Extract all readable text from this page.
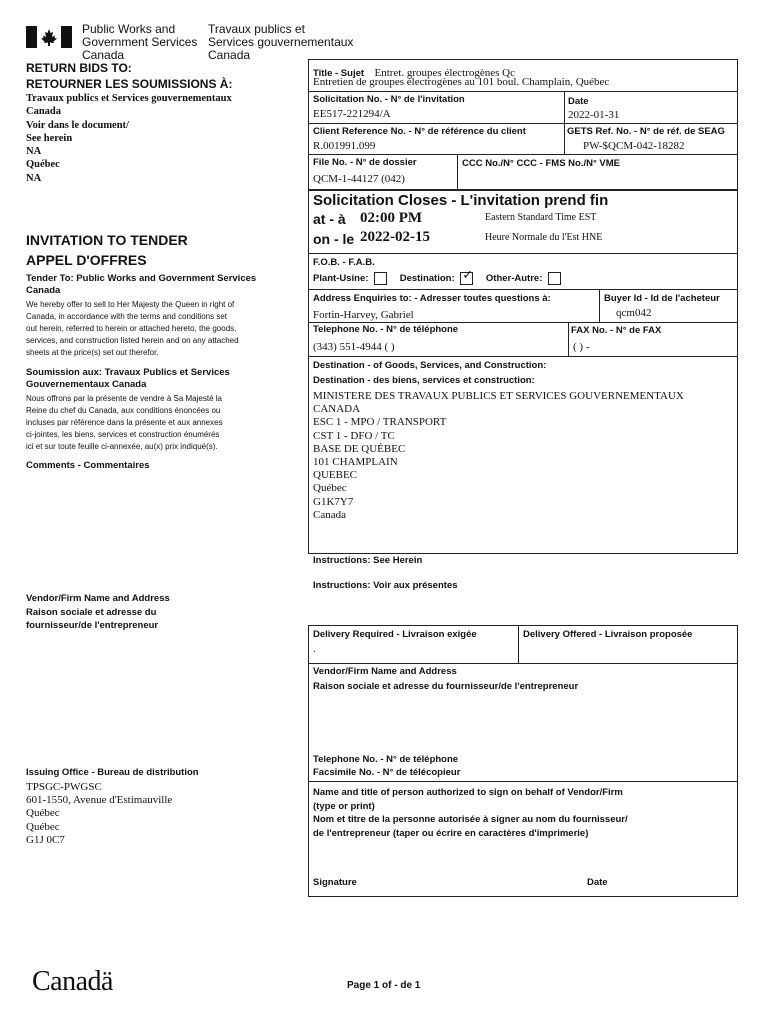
Public Works and
Government Services
Canada
Travaux publics et
Services gouvernementaux
Canada
RETURN BIDS TO:
RETOURNER LES SOUMISSIONS À:
Travaux publics et Services gouvernementaux
Canada
Voir dans le document/
See herein
NA
Québec
NA
INVITATION TO TENDER
APPEL D'OFFRES
Tender To: Public Works and Government Services
Canada
We hereby offer to sell to Her Majesty the Queen in right of
Canada, in accordance with the terms and conditions set
out herein, referred to herein or attached hereto, the goods,
services, and construction listed herein and on any attached
sheets at the price(s) set out therefor.
Soumission aux: Travaux Publics et Services
Gouvernementaux Canada
Nous offrons par la présente de vendre à Sa Majesté la
Reine du chef du Canada, aux conditions énoncées ou
incluses par référence dans la présente et aux annexes
ci-jointes, les biens, services et construction énumérés
ici et sur toute feuille ci-annexée, au(x) prix indiqué(s).
Comments - Commentaires
Vendor/Firm Name and Address
Raison sociale et adresse du
fournisseur/de l'entrepreneur
Issuing Office - Bureau de distribution
TPSGC-PWGSC
601-1550, Avenue d'Estimauville
Québec
Québec
G1J 0C7
Title - Sujet Entret. groupes électrogènes Qc
Entretien de groupes électrogènes au 101 boul. Champlain, Québec
Solicitation No. - N° de l'invitation
EE517-221294/A
Date
2022-01-31
Client Reference No. - N° de référence du client
R.001991.099
GETS Ref. No. - N° de réf. de SEAG
PW-$QCM-042-18282
File No. - N° de dossier
QCM-1-44127 (042)
CCC No./N° CCC - FMS No./N° VME
Solicitation Closes - L'invitation prend fin
at - à 02:00 PM	Eastern Standard Time EST
on - le 2022-02-15	Heure Normale du l'Est HNE
F.O.B. - F.A.B.
Plant-Usine:	Destination: ✓	Other-Autre:
Address Enquiries to: - Adresser toutes questions à:
Fortin-Harvey, Gabriel
Buyer Id - Id de l'acheteur
qcm042
Telephone No. - N° de téléphone
(343) 551-4944 ( )
FAX No. - N° de FAX
( ) -
Destination - of Goods, Services, and Construction:
Destination - des biens, services et construction:
MINISTERE DES TRAVAUX PUBLICS ET SERVICES GOUVERNEMENTAUX
CANADA
ESC 1 - MPO / TRANSPORT
CST 1 - DFO / TC
BASE DE QUÉBEC
101 CHAMPLAIN
QUEBEC
Québec
G1K7Y7
Canada
Instructions: See Herein
Instructions: Voir aux présentes
Delivery Required - Livraison exigée
.
Delivery Offered - Livraison proposée
Vendor/Firm Name and Address
Raison sociale et adresse du fournisseur/de l'entrepreneur
Telephone No. - N° de téléphone
Facsimile No. - N° de télécopieur
Name and title of person authorized to sign on behalf of Vendor/Firm
(type or print)
Nom et titre de la personne autorisée à signer au nom du fournisseur/
de l'entrepreneur (taper ou écrire en caractères d'imprimerie)
Signature	Date
Canadä	Page 1 of - de 1
